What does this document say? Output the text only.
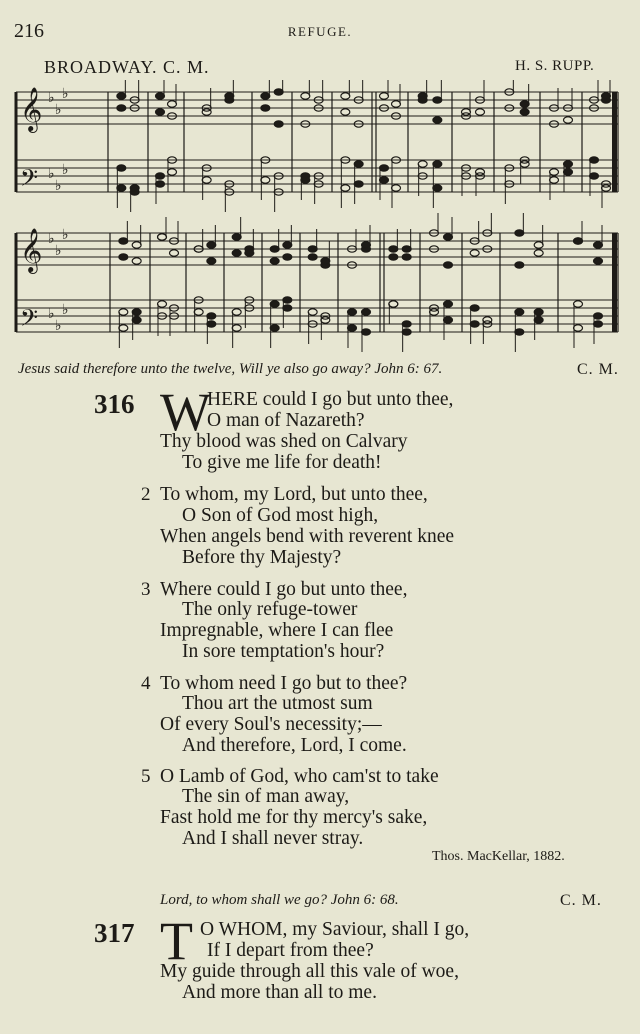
216	REFUGE.
BROADWAY. C. M.	H. S. RUPP.
𝄞
𝄢
𝄞
𝄢
♭
♭
♭
♭
♭
♭
♭
♭
♭
♭
♭
♭
Jesus said therefore unto the twelve, Will ye also go away? John 6: 67.	C. M.
316 W
HERE could I go but unto thee,
O man of Nazareth?
Thy blood was shed on Calvary
To give me life for death!
2 To whom, my Lord, but unto thee,
O Son of God most high,
When angels bend with reverent knee
Before thy Majesty?
3 Where could I go but unto thee,
The only refuge-tower
Impregnable, where I can flee
In sore temptation's hour?
4 To whom need I go but to thee?
Thou art the utmost sum
Of every Soul's necessity;—
And therefore, Lord, I come.
5 O Lamb of God, who cam'st to take
The sin of man away,
Fast hold me for thy mercy's sake,
And I shall never stray.
Thos. MacKellar, 1882.
Lord, to whom shall we go? John 6: 68.	C. M.
317 T O WHOM, my Saviour, shall I go,
If I depart from thee?
My guide through all this vale of woe,
And more than all to me.
